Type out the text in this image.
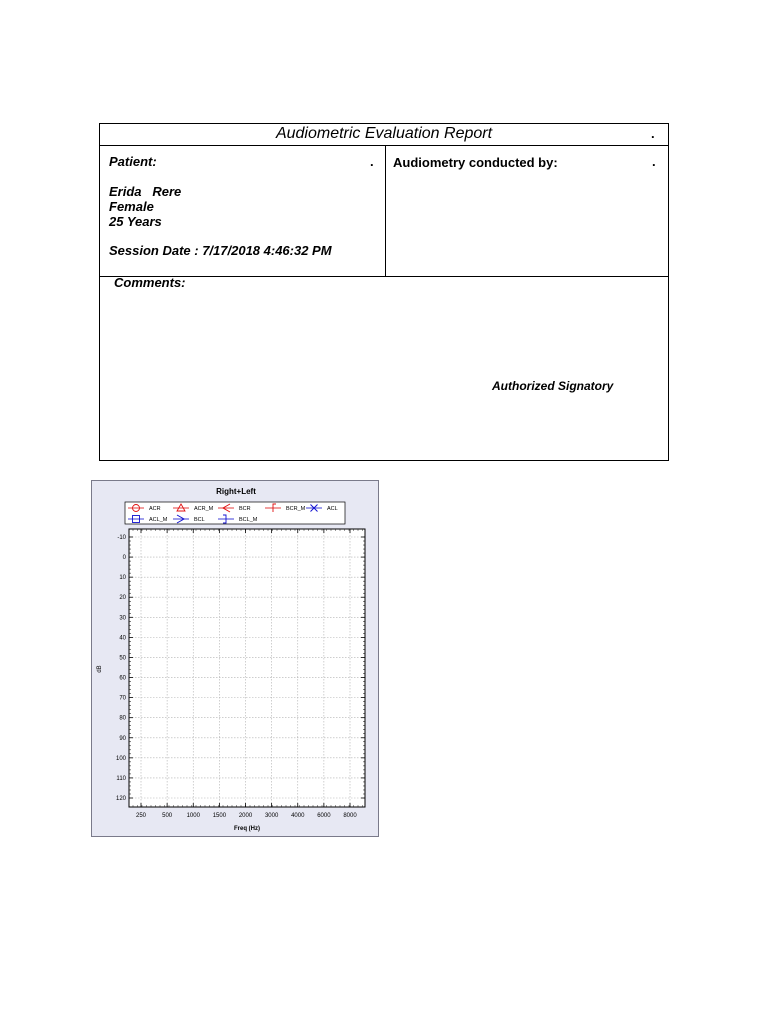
Audiometric Evaluation Report	.
Patient:	.
Erida   Rere
Female
25 Years
Session Date : 7/17/2018 4:46:32 PM
Audiometry conducted by:	.
Comments:
Authorized Signatory
Right+Left
ACR	ACR_M	BCR	BCR_M	ACL
ACL_M	BCL	BCL_M
-10
0
10
20
30
40
50
60
70
80
90
100
110
120
250	500 1000 1500 2000 3000 4000 6000 8000
dB
Freq (Hz)
